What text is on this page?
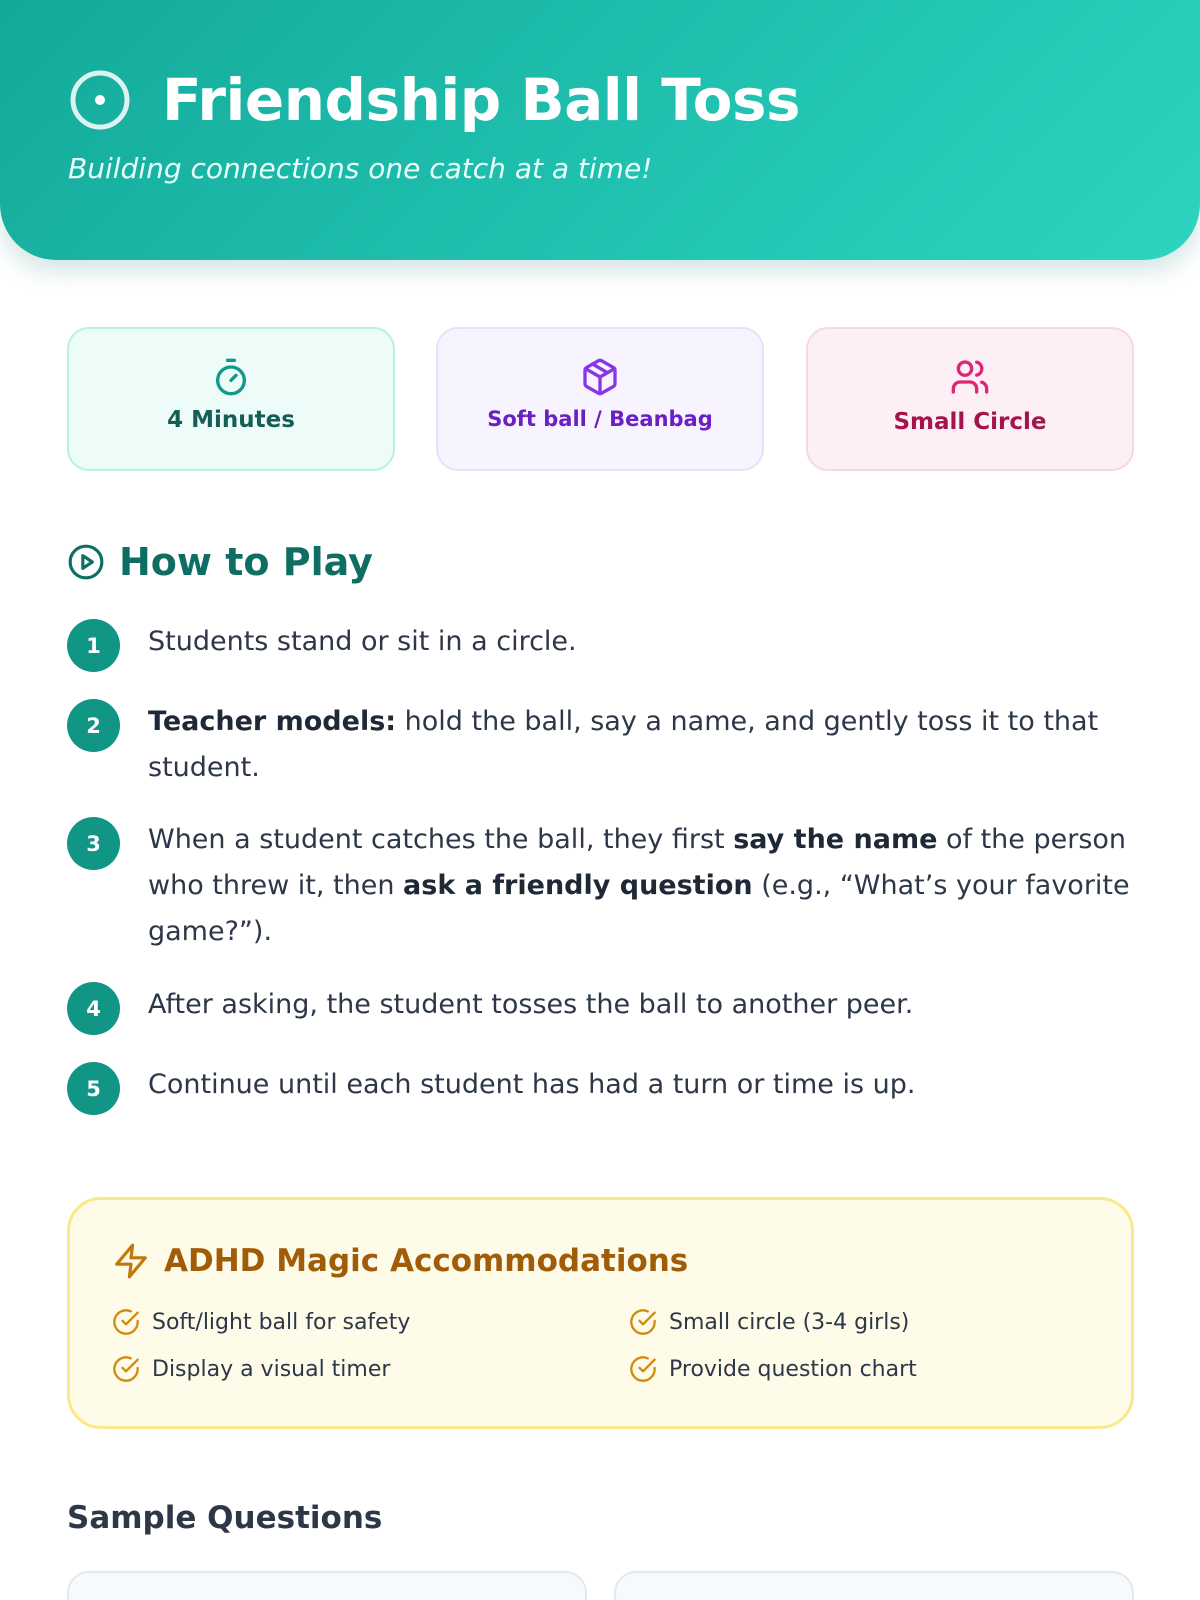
Friendship Ball Toss

Building connections one catch at a time!

4 Minutes	Soft ball / Beanbag	Small Circle
How to Play
1	Students stand or sit in a circle.
2	Teacher models: hold the ball, say a name, and gently toss it to that student.
3	When a student catches the ball, they first say the name of the person who threw it, then ask a friendly question (e.g., “What’s your favorite game?”).
4	After asking, the student tosses the ball to another peer.
5	Continue until each student has had a turn or time is up.
ADHD Magic Accommodations
Soft/light ball for safety	Small circle (3-4 girls)
Display a visual timer	Provide question chart
Sample Questions
